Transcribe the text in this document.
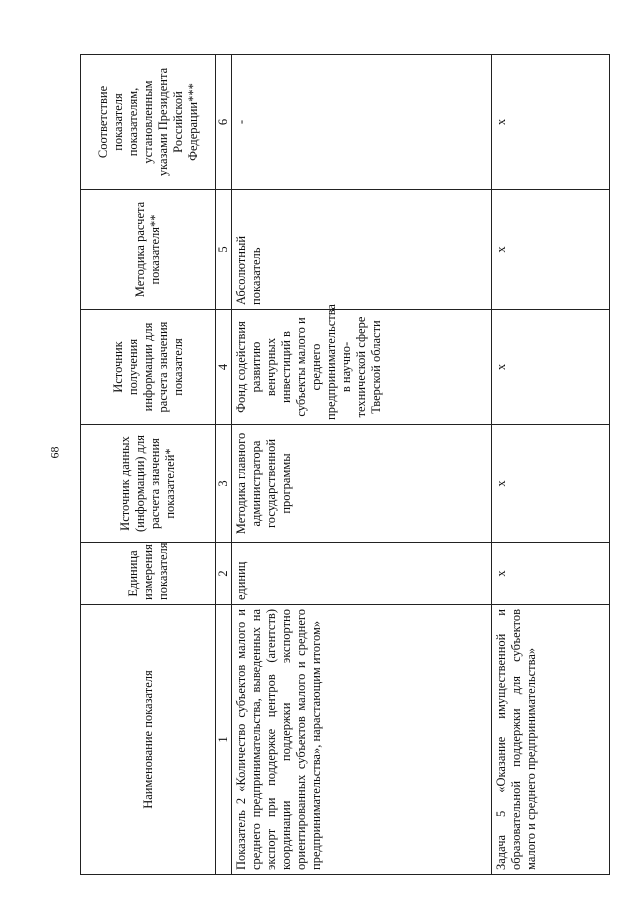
68
Наименование показателя	Единица измерения показателя	Источник данных (информации) для расчета значения показателей*	Источник получения информации для расчета значения показателя	Методика расчета показателя**	Соответствие показателя показателям, установленным указами Президента Российской Федерации***
1	2	3	4	5	6
Показатель 2 «Количество субъектов малого и среднего предпринимательства, выведенных на экспорт при поддержке центров (агентств) координации поддержки экспортно ориентированных субъектов малого и среднего предпринимательства», нарастающим итогом»	единиц	Методика главного администратора государственной программы	Фонд содействия развитию венчурных инвестиций в субъекты малого и среднего предпринимательства в научно-технической сфере Тверской области	Абсолютный показатель	-
Задача 5 «Оказание имущественной и образовательной поддержки для субъектов малого и среднего предпринимательства»	х	х	х	х	х
